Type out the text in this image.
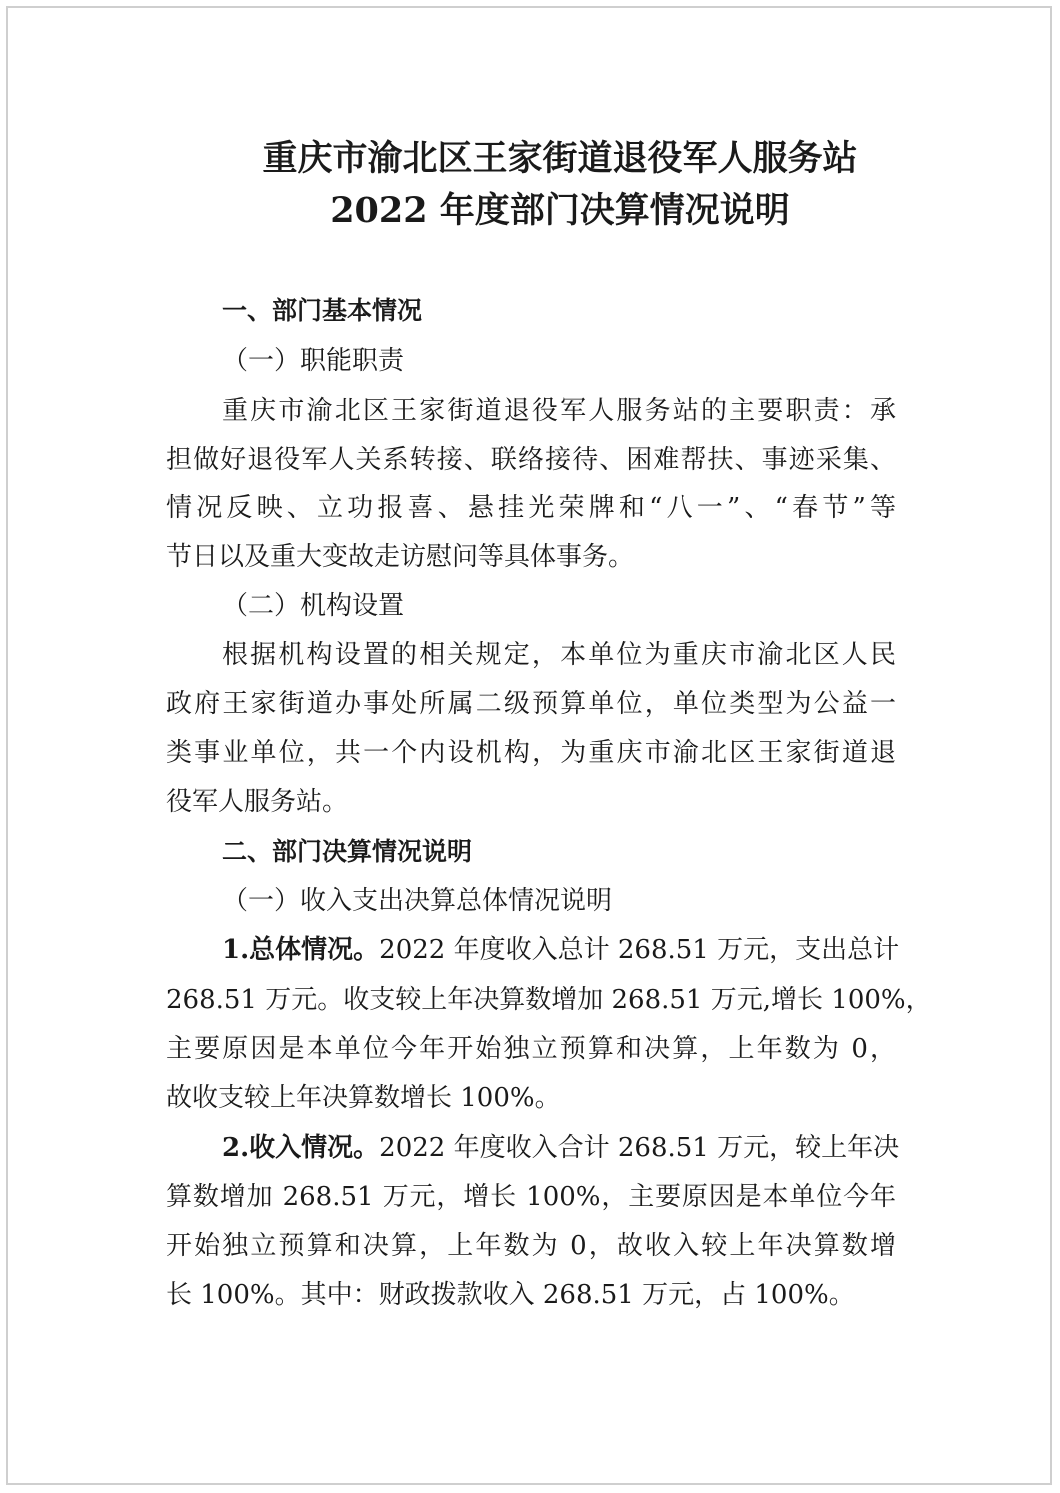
重庆市渝北区王家街道退役军人服务站
2022 年度部门决算情况说明
一、部门基本情况
（一）职能职责
重庆市渝北区王家街道退役军人服务站的主要职责：承
担做好退役军人关系转接、联络接待、困难帮扶、事迹采集、
情况反映、立功报喜、悬挂光荣牌和“八一”、“春节”等
节日以及重大变故走访慰问等具体事务。
（二）机构设置
根据机构设置的相关规定，本单位为重庆市渝北区人民
政府王家街道办事处所属二级预算单位，单位类型为公益一
类事业单位，共一个内设机构，为重庆市渝北区王家街道退
役军人服务站。
二、部门决算情况说明
（一）收入支出决算总体情况说明
1.总体情况。2022 年度收入总计 268.51 万元，支出总计
268.51 万元。收支较上年决算数增加 268.51 万元,增长 100%，
主要原因是本单位今年开始独立预算和决算，上年数为 0，
故收支较上年决算数增长 100%。
2.收入情况。2022 年度收入合计 268.51 万元，较上年决
算数增加 268.51 万元，增长 100%，主要原因是本单位今年
开始独立预算和决算，上年数为 0，故收入较上年决算数增
长 100%。其中：财政拨款收入 268.51 万元，占 100%。
